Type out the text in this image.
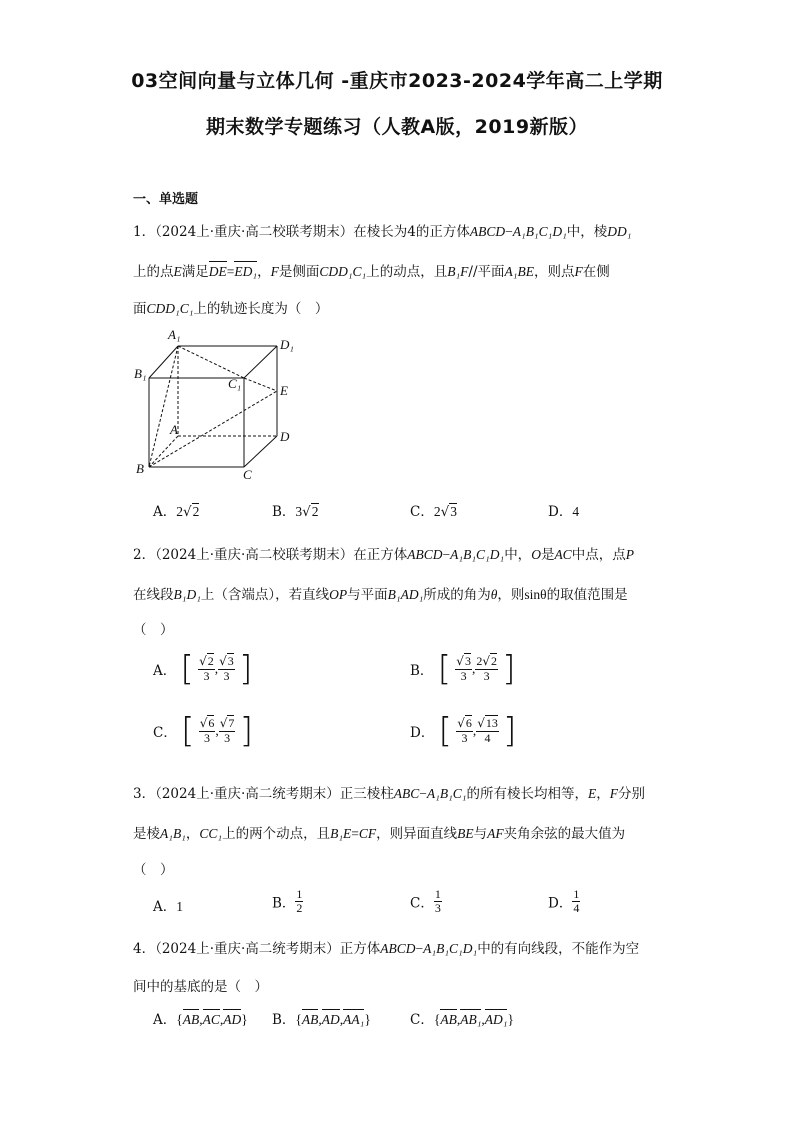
03空间向量与立体几何 -重庆市2023-2024学年高二上学期
期末数学专题练习（人教A版，2019新版）
一、单选题
1．（2024上·重庆·高二校联考期末）在棱长为4的正方体ABCD−A₁B₁C₁D₁中，棱DD₁
上的点E满足DE=ED₁，F是侧面CDD₁C₁上的动点，且B₁F//平面A₁BE，则点F在侧
面CDD₁C₁上的轨迹长度为（　）
A₁
D₁
B₁
C₁	E
A	D
B	C
A．2√2	B．3√2	C．2√3	D．4
2．（2024上·重庆·高二校联考期末）在正方体ABCD−A₁B₁C₁D₁中，O是AC中点，点P
在线段B₁D₁上（含端点），若直线OP与平面B₁AD₁所成的角为θ，则sinθ的取值范围是
（　）
A． [ $\frac{√2}{3}$ , $\frac{√3}{3}$ ]	B． [ $\frac{√3}{3}$ , $\frac{2√2}{3}$ ]
C． [ $\frac{√6}{3}$ , $\frac{√7}{3}$ ]	D． [ $\frac{√6}{3}$ , $\frac{√13}{4}$ ]
3．（2024上·重庆·高二统考期末）正三棱柱ABC−A₁B₁C₁的所有棱长均相等，E，F分别
是棱A₁B₁，CC₁上的两个动点，且B₁E=CF，则异面直线BE与AF夹角余弦的最大值为
（　）
A．1	B． $\frac{1}{2}$	C． $\frac{1}{3}$	D． $\frac{1}{4}$
4．（2024上·重庆·高二统考期末）正方体ABCD−A₁B₁C₁D₁中的有向线段，不能作为空
间中的基底的是（　）
A．{AB,AC,AD} B．{AB,AD,AA₁}	C．{AB,AB₁,AD₁}
